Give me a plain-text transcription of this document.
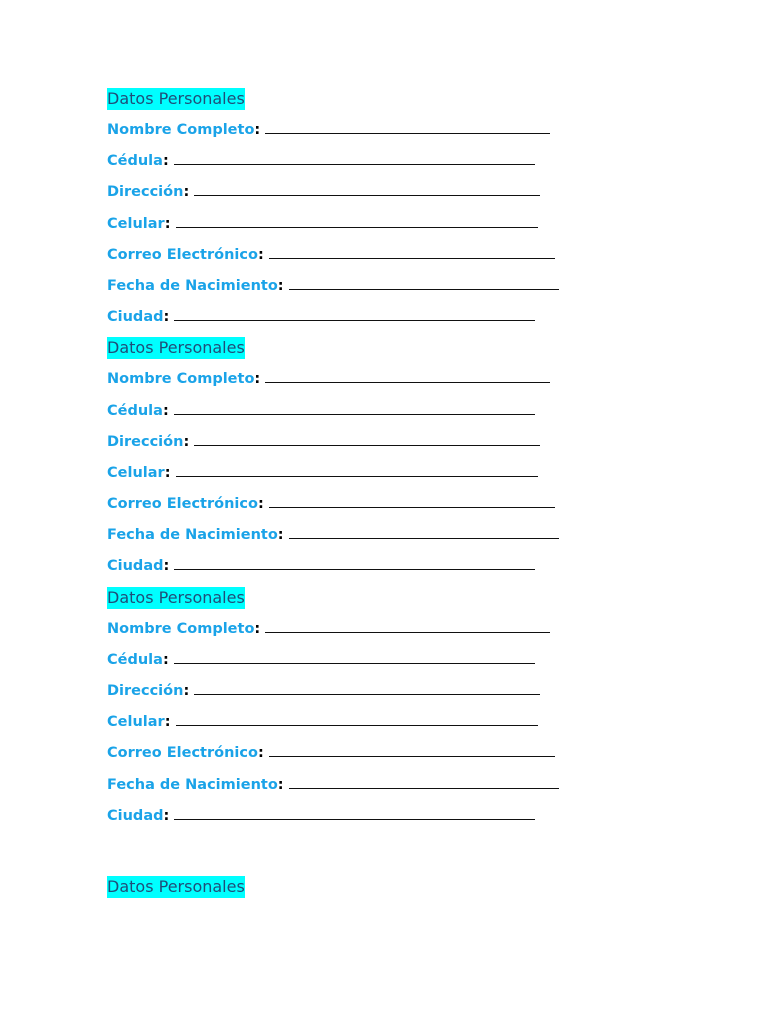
Datos Personales
Nombre Completo:
Cédula:
Dirección:
Celular:
Correo Electrónico:
Fecha de Nacimiento:
Ciudad:
Datos Personales
Nombre Completo:
Cédula:
Dirección:
Celular:
Correo Electrónico:
Fecha de Nacimiento:
Ciudad:
Datos Personales
Nombre Completo:
Cédula:
Dirección:
Celular:
Correo Electrónico:
Fecha de Nacimiento:
Ciudad:
Datos Personales
